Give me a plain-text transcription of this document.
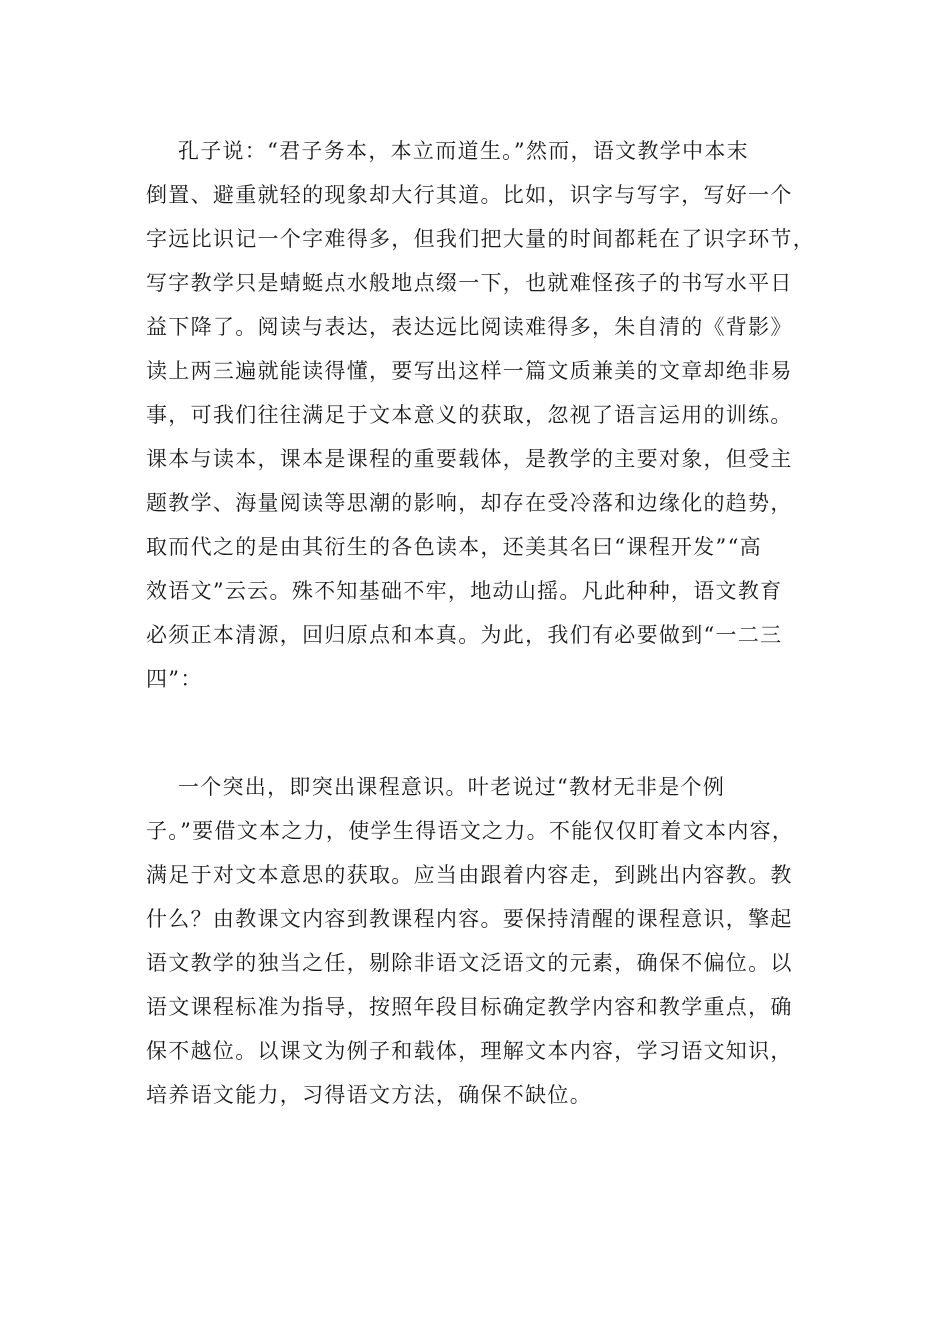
孔子说：“君子务本，本立而道生。”然而，语文教学中本末
倒置、避重就轻的现象却大行其道。比如，识字与写字，写好一个
字远比识记一个字难得多，但我们把大量的时间都耗在了识字环节，
写字教学只是蜻蜓点水般地点缀一下，也就难怪孩子的书写水平日
益下降了。阅读与表达，表达远比阅读难得多，朱自清的《背影》
读上两三遍就能读得懂，要写出这样一篇文质兼美的文章却绝非易
事，可我们往往满足于文本意义的获取，忽视了语言运用的训练。
课本与读本，课本是课程的重要载体，是教学的主要对象，但受主
题教学、海量阅读等思潮的影响，却存在受冷落和边缘化的趋势，
取而代之的是由其衍生的各色读本，还美其名曰“课程开发”“高
效语文”云云。殊不知基础不牢，地动山摇。凡此种种，语文教育
必须正本清源，回归原点和本真。为此，我们有必要做到“一二三
四”：
一个突出，即突出课程意识。叶老说过“教材无非是个例
子。”要借文本之力，使学生得语文之力。不能仅仅盯着文本内容，
满足于对文本意思的获取。应当由跟着内容走，到跳出内容教。教
什么？由教课文内容到教课程内容。要保持清醒的课程意识，擎起
语文教学的独当之任，剔除非语文泛语文的元素，确保不偏位。以
语文课程标准为指导，按照年段目标确定教学内容和教学重点，确
保不越位。以课文为例子和载体，理解文本内容，学习语文知识，
培养语文能力，习得语文方法，确保不缺位。
